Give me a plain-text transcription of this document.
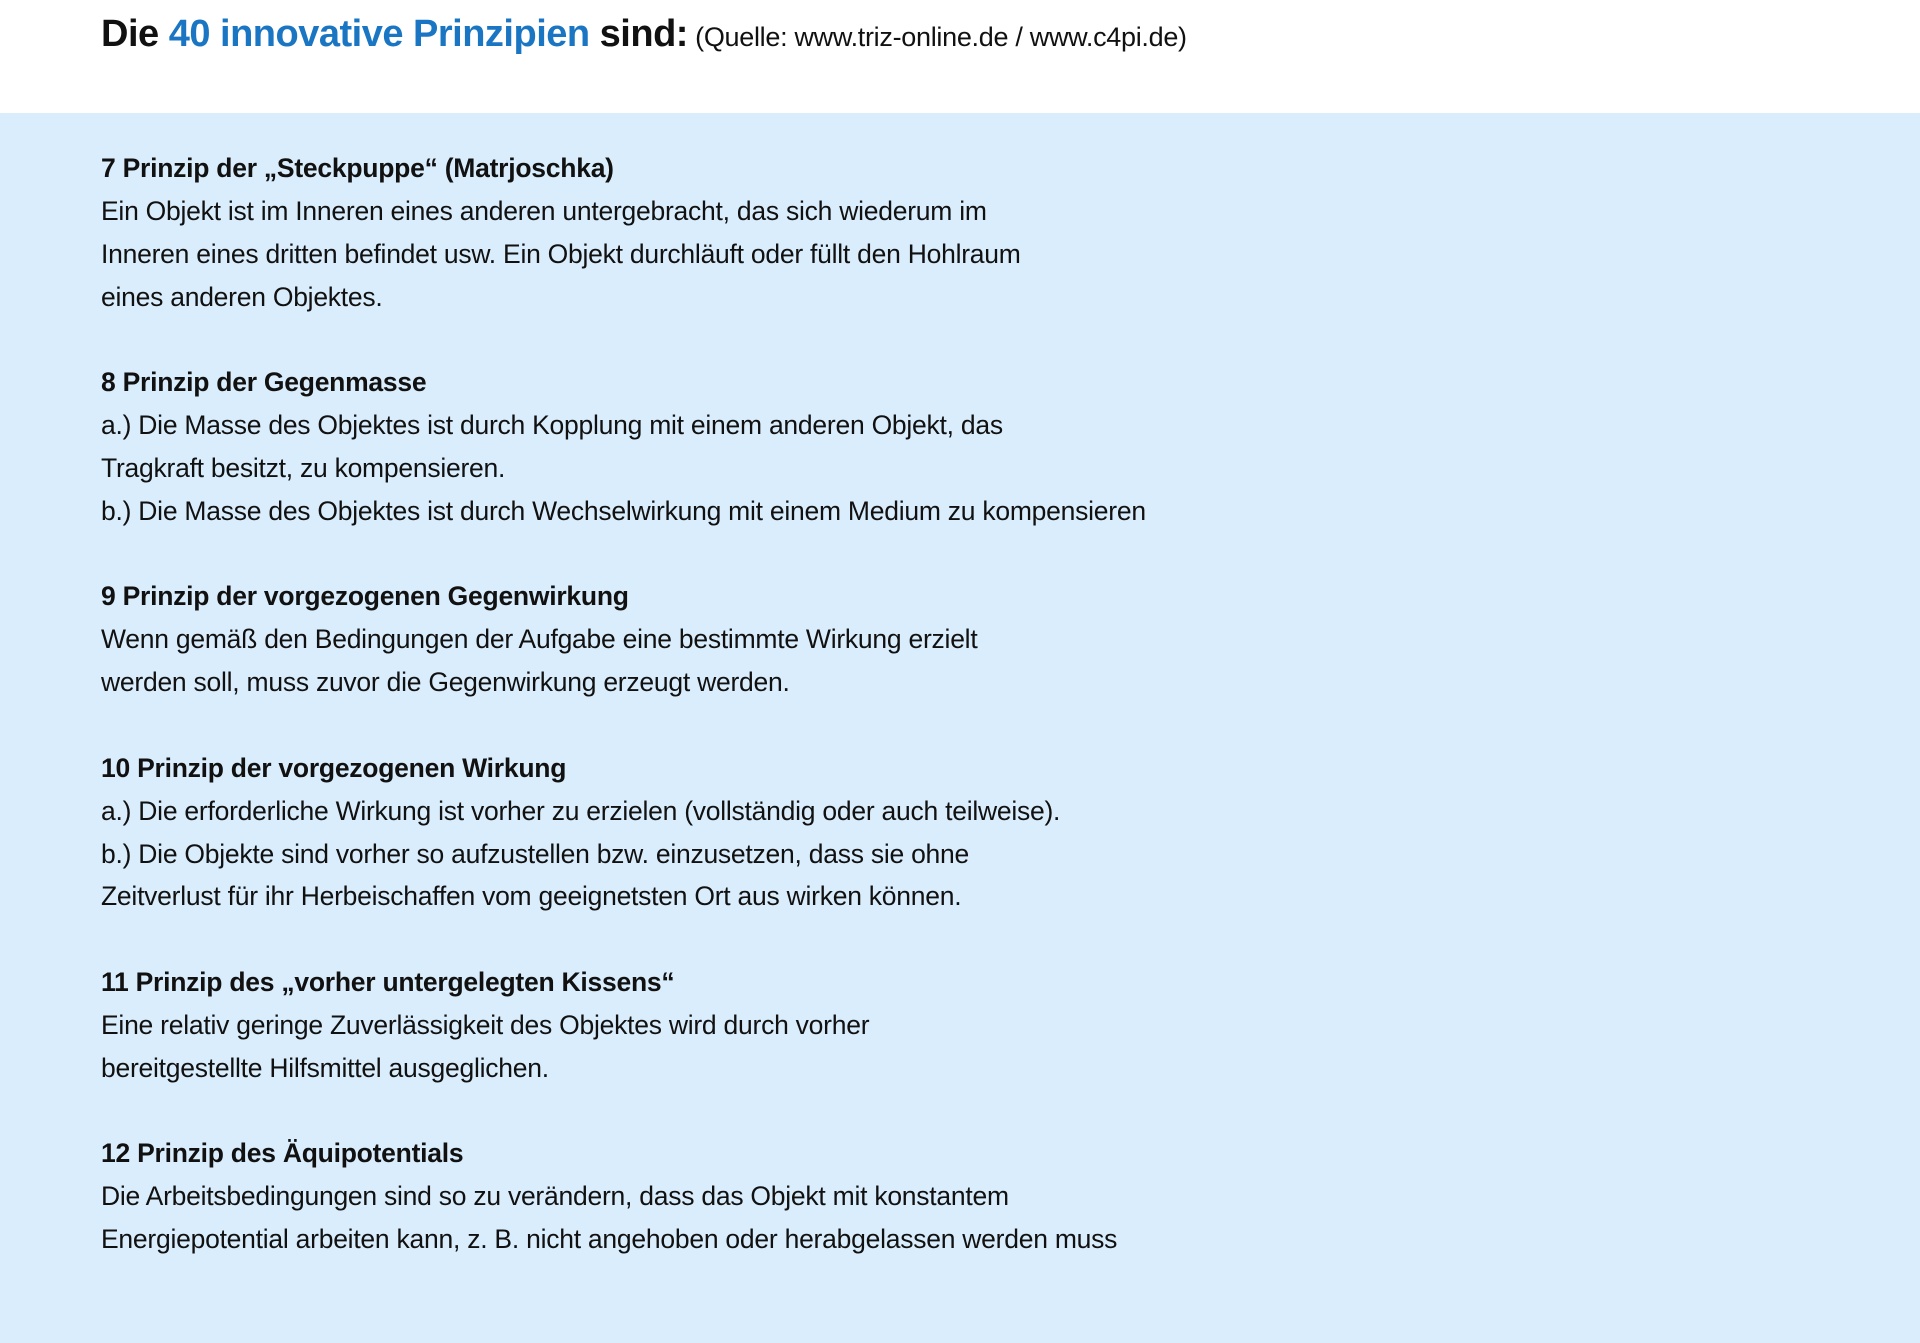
Die 40 innovative Prinzipien sind: (Quelle: www.triz-online.de / www.c4pi.de)
7 Prinzip der „Steckpuppe“ (Matrjoschka)
Ein Objekt ist im Inneren eines anderen untergebracht, das sich wiederum im
Inneren eines dritten befindet usw. Ein Objekt durchläuft oder füllt den Hohlraum
eines anderen Objektes.
8 Prinzip der Gegenmasse
a.) Die Masse des Objektes ist durch Kopplung mit einem anderen Objekt, das
Tragkraft besitzt, zu kompensieren.
b.) Die Masse des Objektes ist durch Wechselwirkung mit einem Medium zu kompensieren
9 Prinzip der vorgezogenen Gegenwirkung
Wenn gemäß den Bedingungen der Aufgabe eine bestimmte Wirkung erzielt
werden soll, muss zuvor die Gegenwirkung erzeugt werden.
10 Prinzip der vorgezogenen Wirkung
a.) Die erforderliche Wirkung ist vorher zu erzielen (vollständig oder auch teilweise).
b.) Die Objekte sind vorher so aufzustellen bzw. einzusetzen, dass sie ohne
Zeitverlust für ihr Herbeischaffen vom geeignetsten Ort aus wirken können.
11 Prinzip des „vorher untergelegten Kissens“
Eine relativ geringe Zuverlässigkeit des Objektes wird durch vorher
bereitgestellte Hilfsmittel ausgeglichen.
12 Prinzip des Äquipotentials
Die Arbeitsbedingungen sind so zu verändern, dass das Objekt mit konstantem
Energiepotential arbeiten kann, z. B. nicht angehoben oder herabgelassen werden muss
